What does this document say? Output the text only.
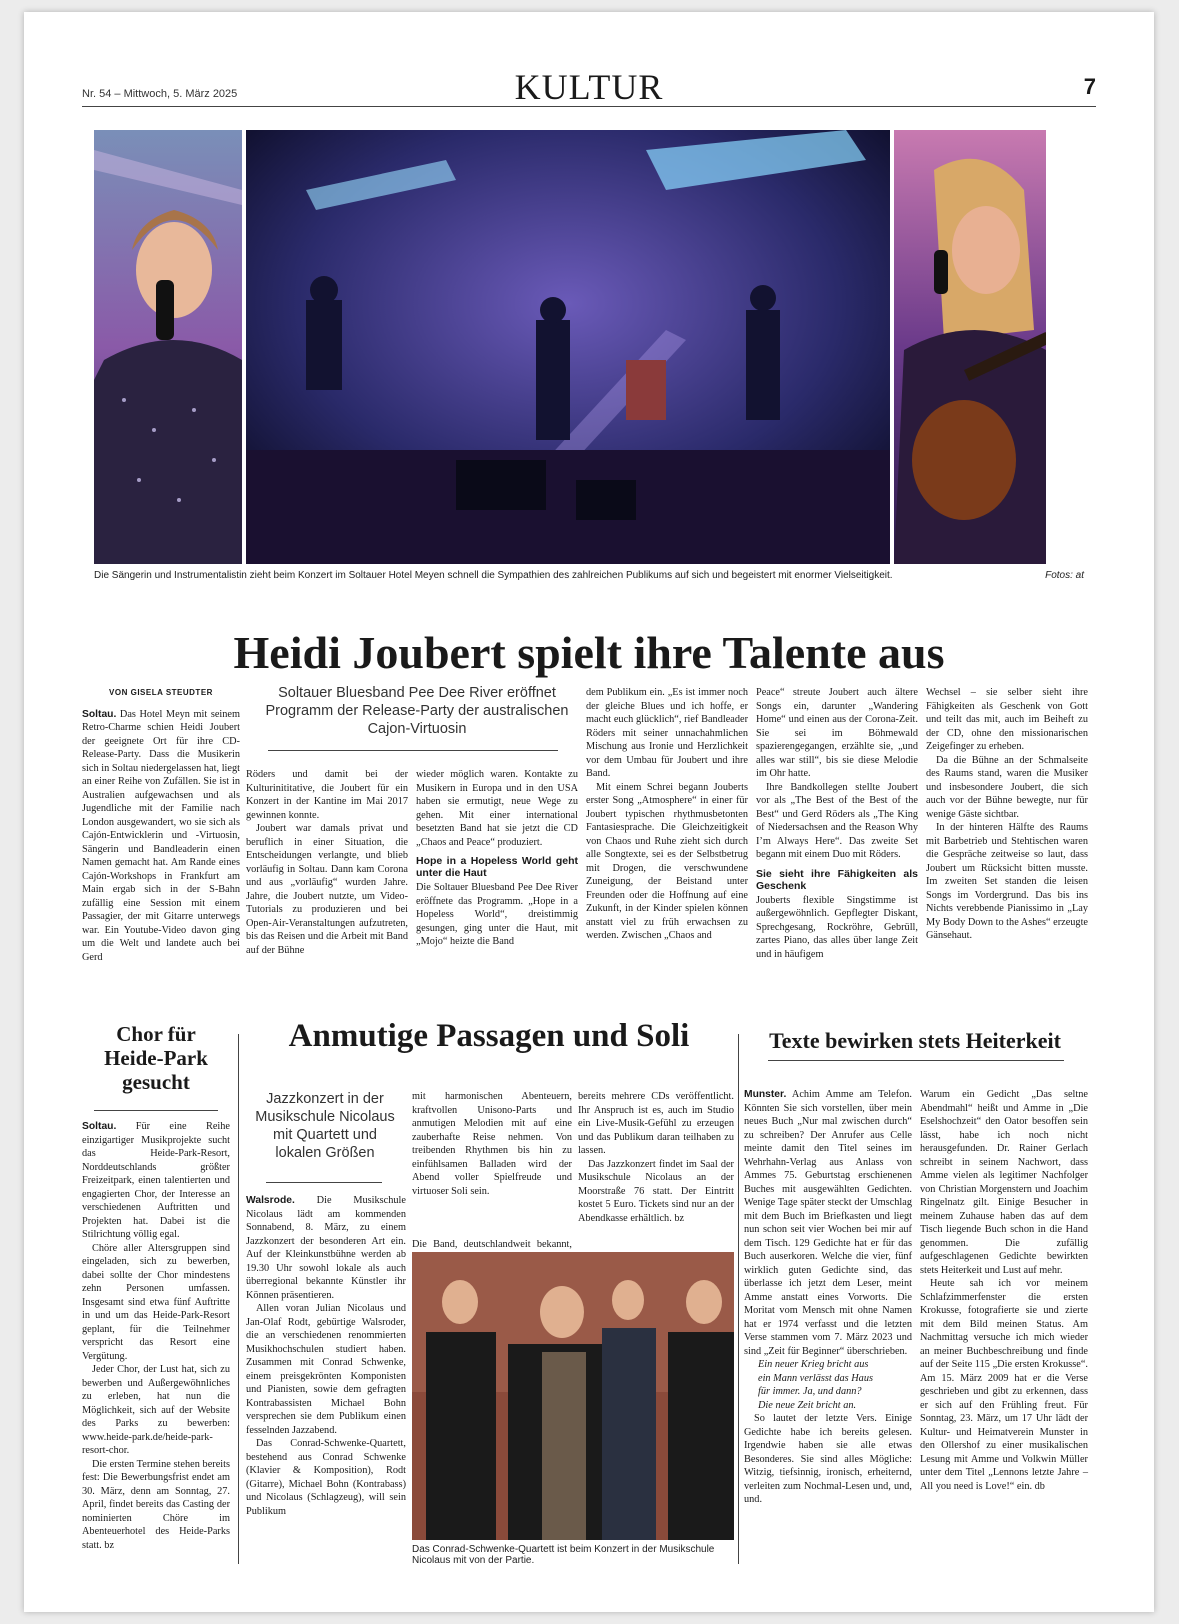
Nr. 54 – Mittwoch, 5. März 2025	KULTUR	7
Die Sängerin und Instrumentalistin zieht beim Konzert im Soltauer Hotel Meyen schnell die Sympathien des zahlreichen Publikums auf sich und begeistert mit enormer Vielseitigkeit.	Fotos: at
Heidi Joubert spielt ihre Talente aus
VON GISELA STEUDTER

Soltau. Das Hotel Meyn mit seinem Retro-Charme schien Heidi Joubert der geeignete Ort für ihre CD-Release-Party. Dass die Musikerin sich in Soltau niedergelassen hat, liegt an einer Reihe von Zufällen. Sie ist in Australien aufgewachsen und als Jugendliche mit der Familie nach London ausgewandert, wo sie sich als Cajón-Entwicklerin und -Virtuosin, Sängerin und Bandleaderin einen Namen gemacht hat. Am Rande eines Cajón-Workshops in Frankfurt am Main ergab sich in der S-Bahn zufällig eine Session mit einem Passagier, der mit Gitarre unterwegs war. Ein Youtube-Video davon ging um die Welt und landete auch bei Gerd

Soltauer Bluesband Pee Dee River eröffnet Programm der Release-Party der australischen Cajon-Virtuosin

Röders und damit bei der Kulturinititative, die Joubert für ein Konzert in der Kantine im Mai 2017 gewinnen konnte.

Joubert war damals privat und beruflich in einer Situation, die Entscheidungen verlangte, und blieb vorläufig in Soltau. Dann kam Corona und aus „vorläufig“ wurden Jahre. Jahre, die Joubert nutzte, um Video-Tutorials zu produzieren und bei Open-Air-Veranstaltungen aufzutreten, bis das Reisen und die Arbeit mit Band auf der Bühne

wieder möglich waren. Kontakte zu Musikern in Europa und in den USA haben sie ermutigt, neue Wege zu gehen. Mit einer international besetzten Band hat sie jetzt die CD „Chaos and Peace“ produziert.

Hope in a Hopeless World geht unter die Haut

Die Soltauer Bluesband Pee Dee River eröffnete das Programm. „Hope in a Hopeless World“, dreistimmig gesungen, ging unter die Haut, mit „Mojo“ heizte die Band

dem Publikum ein. „Es ist immer noch der gleiche Blues und ich hoffe, er macht euch glücklich“, rief Bandleader Röders mit seiner unnachahmlichen Mischung aus Ironie und Herzlichkeit vor dem Umbau für Joubert und ihre Band.

Mit einem Schrei begann Jouberts erster Song „Atmosphere“ in einer für Joubert typischen rhythmusbetonten Fantasiesprache. Die Gleichzeitigkeit von Chaos und Ruhe zieht sich durch alle Songtexte, sei es der Selbstbetrug mit Drogen, die verschwundene Zuneigung, der Beistand unter Freunden oder die Hoffnung auf eine Zukunft, in der Kinder spielen können anstatt viel zu früh erwachsen zu werden. Zwischen „Chaos and

Peace“ streute Joubert auch ältere Songs ein, darunter „Wandering Home“ und einen aus der Corona-Zeit. Sie sei im Böhmewald spazierengegangen, erzählte sie, „und alles war still“, bis sie diese Melodie im Ohr hatte.

Ihre Bandkollegen stellte Joubert vor als „The Best of the Best of the Best“ und Gerd Röders als „The King of Niedersachsen and the Reason Why I’m Always Here“. Das zweite Set begann mit einem Duo mit Röders.

Sie sieht ihre Fähigkeiten als Geschenk

Jouberts flexible Singstimme ist außergewöhnlich. Gepflegter Diskant, Sprechgesang, Rockröhre, Gebrüll, zartes Piano, das alles über lange Zeit und in häufigem

Wechsel – sie selber sieht ihre Fähigkeiten als Geschenk von Gott und teilt das mit, auch im Beiheft zu der CD, ohne den missionarischen Zeigefinger zu erheben.

Da die Bühne an der Schmalseite des Raums stand, waren die Musiker und insbesondere Joubert, die sich auch vor der Bühne bewegte, nur für wenige Gäste sichtbar.

In der hinteren Hälfte des Raums mit Barbetrieb und Stehtischen waren die Gespräche zeitweise so laut, dass Joubert um Rücksicht bitten musste. Im zweiten Set standen die leisen Songs im Vordergrund. Das bis ins Nichts verebbende Pianissimo in „Lay My Body Down to the Ashes“ erzeugte Gänsehaut.

Chor für Heide-Park gesucht

Soltau. Für eine Reihe einzigartiger Musikprojekte sucht das Heide-Park-Resort, Norddeutschlands größter Freizeitpark, einen talentierten und engagierten Chor, der Interesse an verschiedenen Auftritten und Projekten hat. Dabei ist die Stilrichtung völlig egal.

Chöre aller Altersgruppen sind eingeladen, sich zu bewerben, dabei sollte der Chor mindestens zehn Personen umfassen. Insgesamt sind etwa fünf Auftritte in und um das Heide-Park-Resort geplant, für die Teilnehmer verspricht das Resort eine Vergütung.

Jeder Chor, der Lust hat, sich zu bewerben und Außergewöhnliches zu erleben, hat nun die Möglichkeit, sich auf der Website des Parks zu bewerben: www.heide-park.de/heide-park-resort-chor.

Die ersten Termine stehen bereits fest: Die Bewerbungsfrist endet am 30. März, denn am Sonntag, 27. April, findet bereits das Casting der nominierten Chöre im Abenteuerhotel des Heide-Parks statt. bz

Anmutige Passagen und Soli
Jazzkonzert in der Musikschule Nicolaus mit Quartett und lokalen Größen

Walsrode. Die Musikschule Nicolaus lädt am kommenden Sonnabend, 8. März, zu einem Jazzkonzert der besonderen Art ein. Auf der Kleinkunstbühne werden ab 19.30 Uhr sowohl lokale als auch überregional bekannte Künstler ihr Können präsentieren.

Allen voran Julian Nicolaus und Jan-Olaf Rodt, gebürtige Walsroder, die an verschiedenen renommierten Musikhochschulen studiert haben. Zusammen mit Conrad Schwenke, einem preisgekrönten Komponisten und Pianisten, sowie dem gefragten Kontrabassisten Michael Bohn versprechen sie dem Publikum einen fesselnden Jazzabend.

Das Conrad-Schwenke-Quartett, bestehend aus Conrad Schwenke (Klavier & Komposition), Rodt (Gitarre), Michael Bohn (Kontrabass) und Nicolaus (Schlagzeug), will sein Publikum

mit harmonischen Abenteuern, kraftvollen Unisono-Parts und anmutigen Melodien mit auf eine zauberhafte Reise nehmen. Von treibenden Rhythmen bis hin zu einfühlsamen Balladen wird der Abend voller Spielfreude und virtuoser Soli sein.

Die Band, deutschlandweit bekannt,

bereits mehrere CDs veröffentlicht. Ihr Anspruch ist es, auch im Studio ein Live-Musik-Gefühl zu erzeugen und das Publikum daran teilhaben zu lassen.

Das Jazzkonzert findet im Saal der Musikschule Nicolaus an der Moorstraße 76 statt. Der Eintritt kostet 5 Euro. Tickets sind nur an der Abendkasse erhältlich. bz

Das Conrad-Schwenke-Quartett ist beim Konzert in der Musikschule Nicolaus mit von der Partie.
Texte bewirken stets Heiterkeit

Munster. Achim Amme am Telefon. Könnten Sie sich vorstellen, über mein neues Buch „Nur mal zwischen durch“ zu schreiben? Der Anrufer aus Celle meinte damit den Titel seines im Wehrhahn-Verlag aus Anlass von Ammes 75. Geburtstag erschienenen Buches mit ausgewählten Gedichten. Wenige Tage später steckt der Umschlag mit dem Buch im Briefkasten und liegt nun schon seit vier Wochen bei mir auf dem Tisch. 129 Gedichte hat er für das Buch auserkoren. Welche die vier, fünf wirklich guten Gedichte sind, das überlasse ich jetzt dem Leser, meint Amme anstatt eines Vorworts. Die Moritat vom Mensch mit ohne Namen hat er 1974 verfasst und die letzten Verse stammen vom 7. März 2023 und sind „Zeit für Beginner“ überschrieben.

Ein neuer Krieg bricht aus
ein Mann verlässt das Haus
für immer. Ja, und dann?
Die neue Zeit bricht an.

So lautet der letzte Vers. Einige Gedichte habe ich bereits gelesen. Irgendwie haben sie alle etwas Besonderes. Sie sind alles Mögliche: Witzig, tiefsinnig, ironisch, erheiternd, verleiten zum Nochmal-Lesen und, und, und.

Warum ein Gedicht „Das seltne Abendmahl“ heißt und Amme in „Die Eselshochzeit“ den Oator besoffen sein lässt, habe ich noch nicht herausgefunden. Dr. Rainer Gerlach schreibt in seinem Nachwort, dass Amme vielen als legitimer Nachfolger von Christian Morgenstern und Joachim Ringelnatz gilt. Einige Besucher in meinem Zuhause haben das auf dem Tisch liegende Buch schon in die Hand genommen. Die zufällig aufgeschlagenen Gedichte bewirkten stets Heiterkeit und Lust auf mehr.

Heute sah ich vor meinem Schlafzimmerfenster die ersten Krokusse, fotografierte sie und zierte mit dem Bild meinen Status. Am Nachmittag versuche ich mich wieder an meiner Buchbeschreibung und finde auf der Seite 115 „Die ersten Krokusse“. Am 15. März 2009 hat er die Verse geschrieben und gibt zu erkennen, dass er sich auf den Frühling freut. Für Sonntag, 23. März, um 17 Uhr lädt der Kultur- und Heimatverein Munster in den Ollershof zu einer musikalischen Lesung mit Amme und Volkwin Müller unter dem Titel „Lennons letzte Jahre – All you need is Love!“ ein. db
